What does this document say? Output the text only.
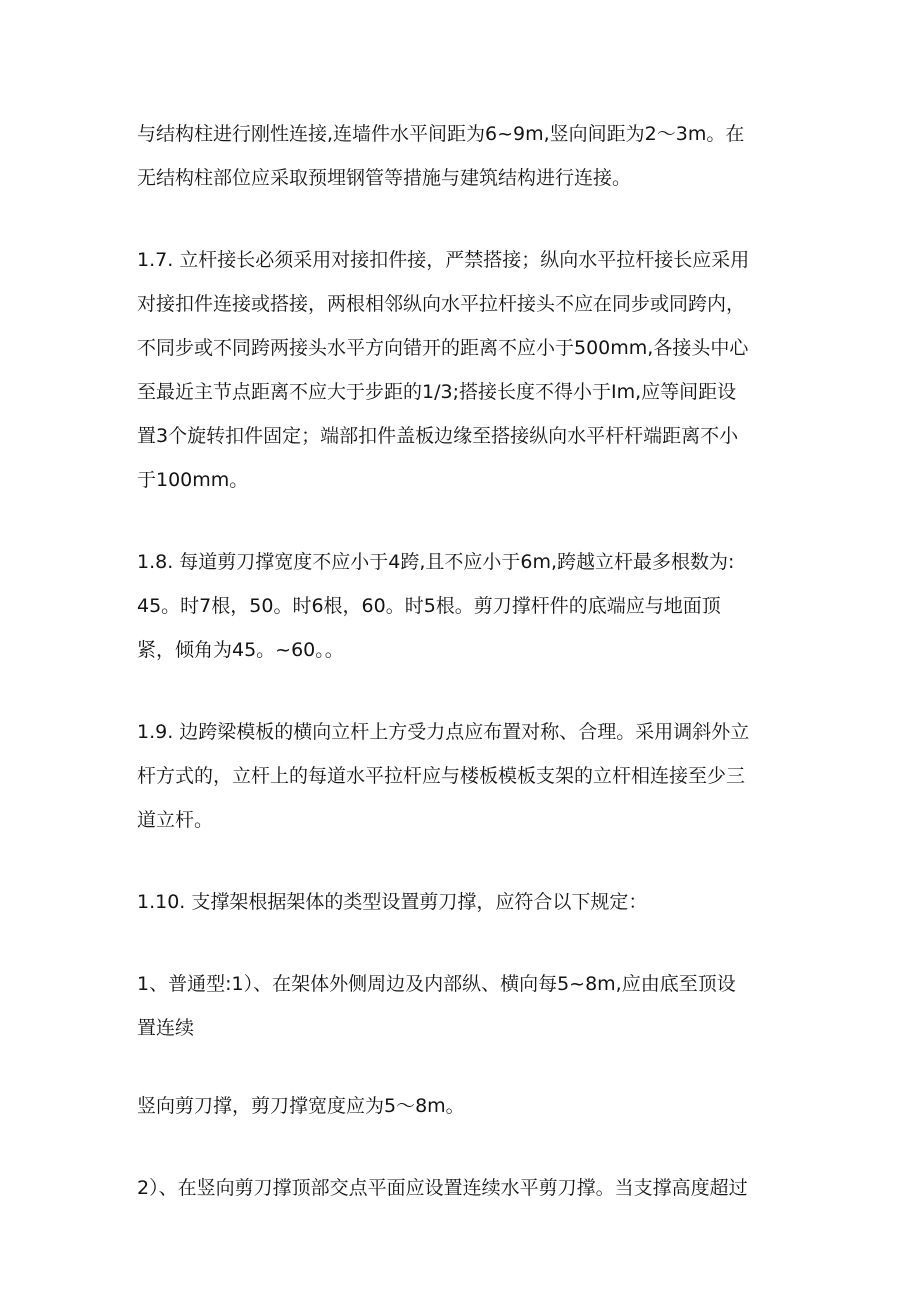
与结构柱进行刚性连接,连墙件水平间距为6~9m,竖向间距为2～3m。在
无结构柱部位应采取预埋钢管等措施与建筑结构进行连接。
1.7. 立杆接长必须采用对接扣件接，严禁搭接；纵向水平拉杆接长应采用
对接扣件连接或搭接，两根相邻纵向水平拉杆接头不应在同步或同跨内，
不同步或不同跨两接头水平方向错开的距离不应小于500mm,各接头中心
至最近主节点距离不应大于步距的1/3;搭接长度不得小于Im,应等间距设
置3个旋转扣件固定；端部扣件盖板边缘至搭接纵向水平杆杆端距离不小
于100mm。
1.8. 每道剪刀撑宽度不应小于4跨,且不应小于6m,跨越立杆最多根数为:
45。时7根，50。时6根，60。时5根。剪刀撑杆件的底端应与地面顶
紧，倾角为45。~60。。
1.9. 边跨梁模板的横向立杆上方受力点应布置对称、合理。采用调斜外立
杆方式的，立杆上的每道水平拉杆应与楼板模板支架的立杆相连接至少三
道立杆。
1.10. 支撑架根据架体的类型设置剪刀撑，应符合以下规定：
1、普通型:1）、在架体外侧周边及内部纵、横向每5~8m,应由底至顶设
置连续
竖向剪刀撑，剪刀撑宽度应为5～8m。
2）、在竖向剪刀撑顶部交点平面应设置连续水平剪刀撑。当支撑高度超过
